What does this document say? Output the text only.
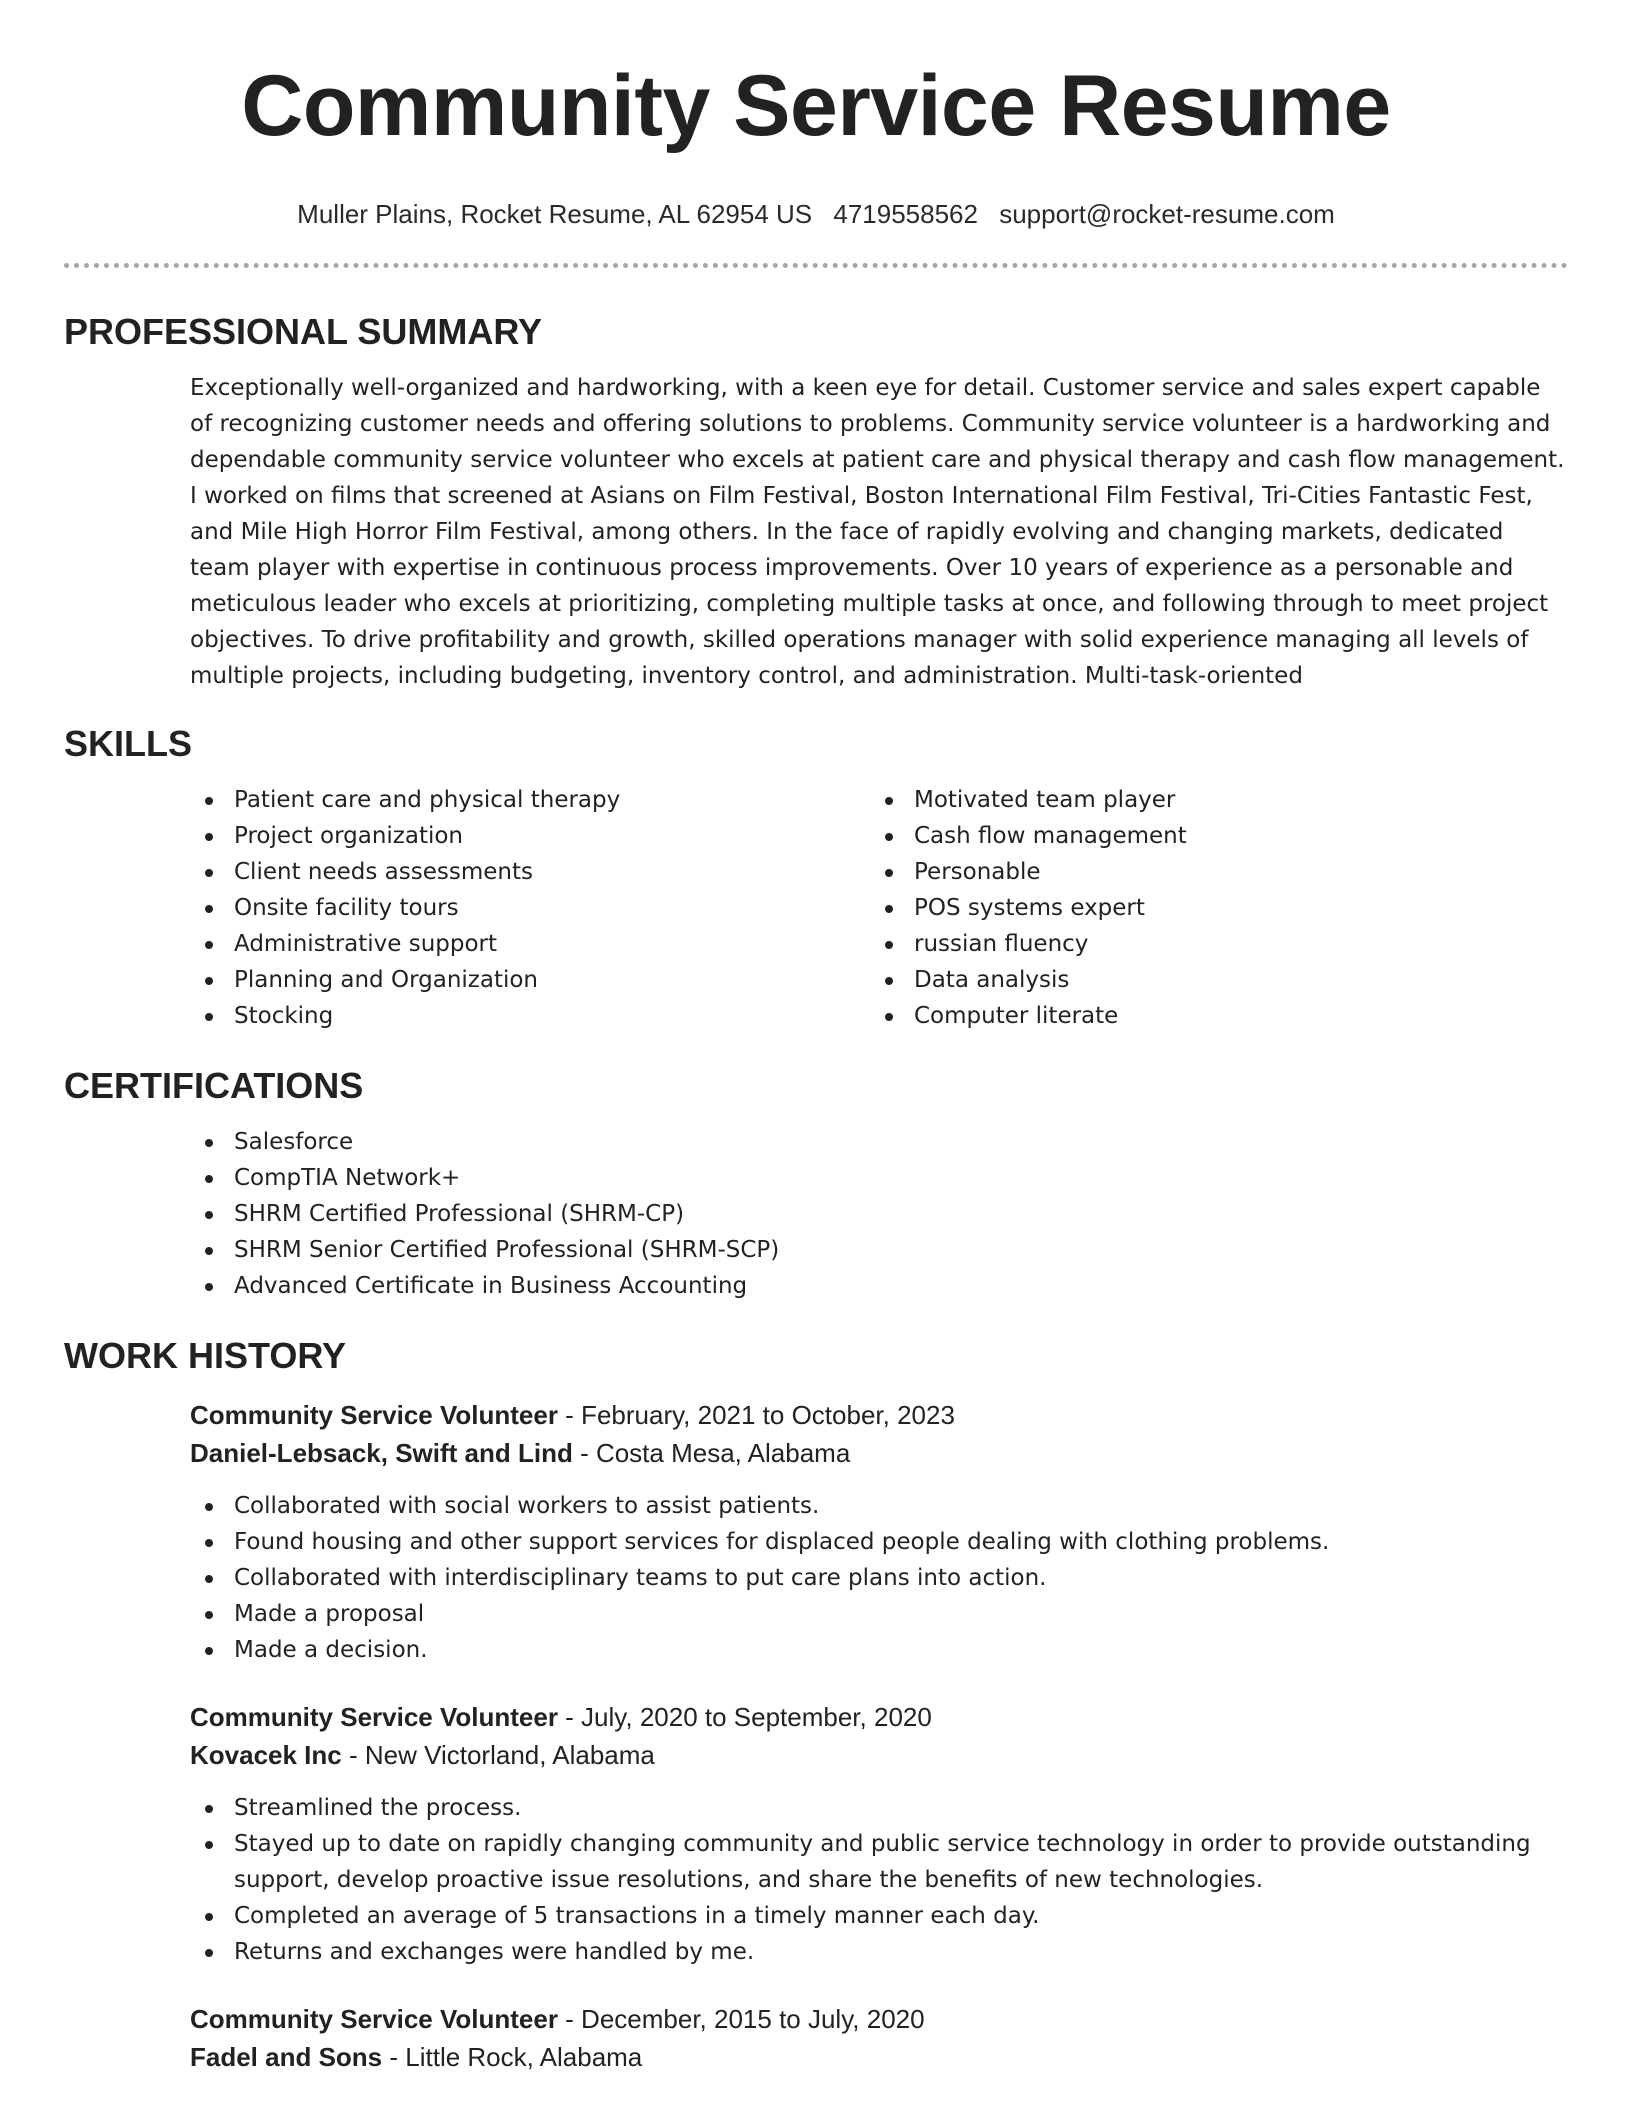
Community Service Resume
Muller Plains, Rocket Resume, AL 62954 US 4719558562 support@rocket-resume.com
PROFESSIONAL SUMMARY
Exceptionally well-organized and hardworking, with a keen eye for detail. Customer service and sales expert capable of recognizing customer needs and offering solutions to problems. Community service volunteer is a hardworking and dependable community service volunteer who excels at patient care and physical therapy and cash flow management. I worked on films that screened at Asians on Film Festival, Boston International Film Festival, Tri-Cities Fantastic Fest, and Mile High Horror Film Festival, among others. In the face of rapidly evolving and changing markets, dedicated team player with expertise in continuous process improvements. Over 10 years of experience as a personable and meticulous leader who excels at prioritizing, completing multiple tasks at once, and following through to meet project objectives. To drive profitability and growth, skilled operations manager with solid experience managing all levels of multiple projects, including budgeting, inventory control, and administration. Multi-task-oriented
SKILLS
Patient care and physical therapy
Project organization
Client needs assessments
Onsite facility tours
Administrative support
Planning and Organization
Stocking
Motivated team player
Cash flow management
Personable
POS systems expert
russian fluency
Data analysis
Computer literate
CERTIFICATIONS
Salesforce
CompTIA Network+
SHRM Certified Professional (SHRM-CP)
SHRM Senior Certified Professional (SHRM-SCP)
Advanced Certificate in Business Accounting
WORK HISTORY
Community Service Volunteer - February, 2021 to October, 2023
Daniel-Lebsack, Swift and Lind - Costa Mesa, Alabama
Collaborated with social workers to assist patients.
Found housing and other support services for displaced people dealing with clothing problems.
Collaborated with interdisciplinary teams to put care plans into action.
Made a proposal
Made a decision.
Community Service Volunteer - July, 2020 to September, 2020
Kovacek Inc - New Victorland, Alabama
Streamlined the process.
Stayed up to date on rapidly changing community and public service technology in order to provide outstanding support, develop proactive issue resolutions, and share the benefits of new technologies.
Completed an average of 5 transactions in a timely manner each day.
Returns and exchanges were handled by me.
Community Service Volunteer - December, 2015 to July, 2020
Fadel and Sons - Little Rock, Alabama
